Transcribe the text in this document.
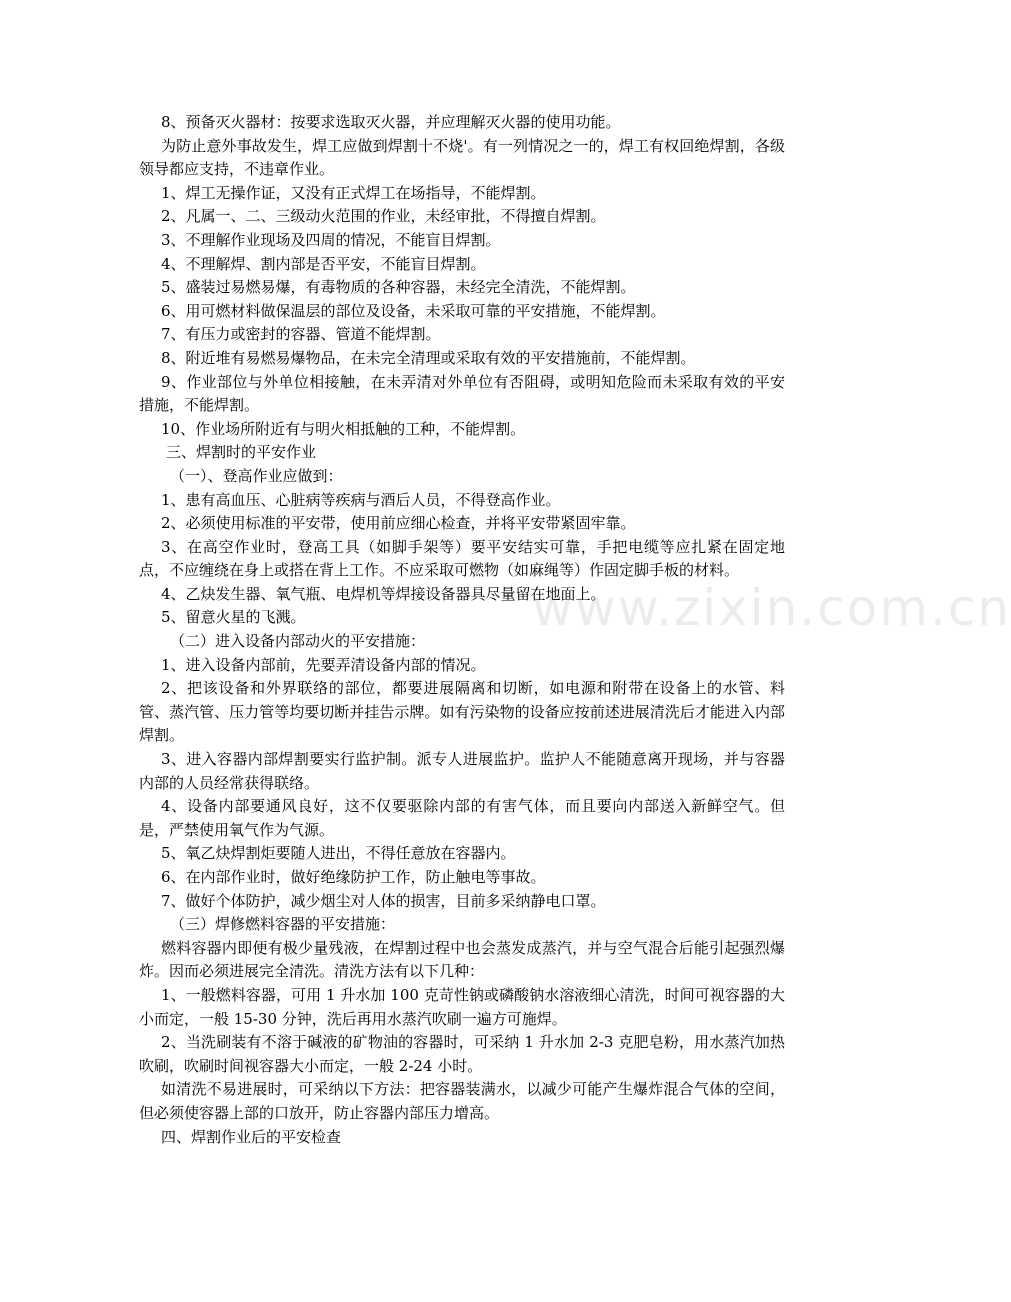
www.zixin.com.cn

8、预备灭火器材：按要求选取灭火器，并应理解灭火器的使用功能。

为防止意外事故发生，焊工应做到焊割十不烧'。有一列情况之一的，焊工有权回绝焊割，各级领导都应支持，不违章作业。

1、焊工无操作证，又没有正式焊工在场指导，不能焊割。

2、凡属一、二、三级动火范围的作业，未经审批，不得擅自焊割。

3、不理解作业现场及四周的情况，不能盲目焊割。

4、不理解焊、割内部是否平安，不能盲目焊割。

5、盛装过易燃易爆，有毒物质的各种容器，未经完全清洗，不能焊割。

6、用可燃材料做保温层的部位及设备，未采取可靠的平安措施，不能焊割。

7、有压力或密封的容器、管道不能焊割。

8、附近堆有易燃易爆物品，在未完全清理或采取有效的平安措施前，不能焊割。

9、作业部位与外单位相接触，在未弄清对外单位有否阻碍，或明知危险而未采取有效的平安措施，不能焊割。

10、作业场所附近有与明火相抵触的工种，不能焊割。

三、焊割时的平安作业

（一）、登高作业应做到：

1、患有高血压、心脏病等疾病与酒后人员，不得登高作业。

2、必须使用标准的平安带，使用前应细心检查，并将平安带紧固牢靠。

3、在高空作业时，登高工具（如脚手架等）要平安结实可靠，手把电缆等应扎紧在固定地点，不应缠绕在身上或搭在背上工作。不应采取可燃物（如麻绳等）作固定脚手板的材料。

4、乙炔发生器、氧气瓶、电焊机等焊接设备器具尽量留在地面上。

5、留意火星的飞溅。

（二）进入设备内部动火的平安措施：

1、进入设备内部前，先要弄清设备内部的情况。

2、把该设备和外界联络的部位，都要进展隔离和切断，如电源和附带在设备上的水管、料管、蒸汽管、压力管等均要切断并挂告示牌。如有污染物的设备应按前述进展清洗后才能进入内部焊割。

3、进入容器内部焊割要实行监护制。派专人进展监护。监护人不能随意离开现场，并与容器内部的人员经常获得联络。

4、设备内部要通风良好，这不仅要驱除内部的有害气体，而且要向内部送入新鲜空气。但是，严禁使用氧气作为气源。

5、氧乙炔焊割炬要随人进出，不得任意放在容器内。

6、在内部作业时，做好绝缘防护工作，防止触电等事故。

7、做好个体防护，减少烟尘对人体的损害，目前多采纳静电口罩。

（三）焊修燃料容器的平安措施：

燃料容器内即便有极少量残液，在焊割过程中也会蒸发成蒸汽，并与空气混合后能引起强烈爆炸。因而必须进展完全清洗。清洗方法有以下几种：

1、一般燃料容器，可用 1 升水加 100 克苛性钠或磷酸钠水溶液细心清洗，时间可视容器的大小而定，一般 15-30 分钟，洗后再用水蒸汽吹刷一遍方可施焊。

2、当洗刷装有不溶于碱液的矿物油的容器时，可采纳 1 升水加 2-3 克肥皂粉，用水蒸汽加热吹刷，吹刷时间视容器大小而定，一般 2-24 小时。

如清洗不易进展时，可采纳以下方法：把容器装满水，以减少可能产生爆炸混合气体的空间，但必须使容器上部的口放开，防止容器内部压力增高。

四、焊割作业后的平安检查
